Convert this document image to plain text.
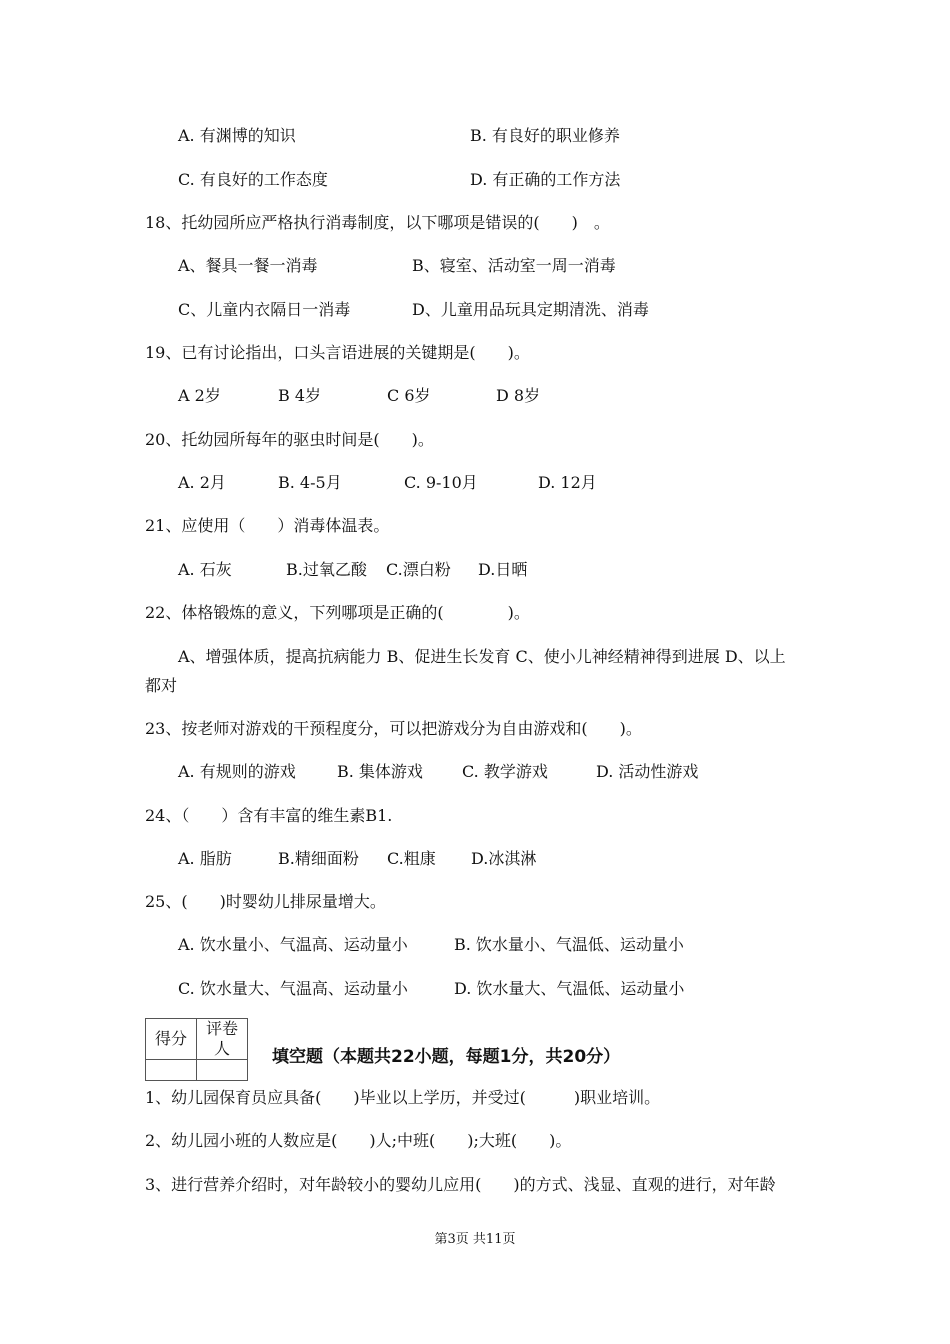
A. 有渊博的知识	B. 有良好的职业修养
C. 有良好的工作态度	D. 有正确的工作方法
18、托幼园所应严格执行消毒制度，以下哪项是错误的(　　)　。
A、餐具一餐一消毒	B、寝室、活动室一周一消毒
C、儿童内衣隔日一消毒	D、儿童用品玩具定期清洗、消毒
19、已有讨论指出，口头言语进展的关键期是(　　)。
A 2岁	B 4岁	C 6岁	D 8岁
20、托幼园所每年的驱虫时间是(　　)。
A. 2月	B. 4-5月	C. 9-10月	D. 12月
21、应使用（　　）消毒体温表。
A. 石灰	B.过氧乙酸 C.漂白粉 D.日晒
22、体格锻炼的意义，下列哪项是正确的(　　　　)。
A、增强体质，提高抗病能力 B、促进生长发育 C、使小儿神经精神得到进展 D、以上
都对
23、按老师对游戏的干预程度分，可以把游戏分为自由游戏和(　　)。
A. 有规则的游戏	B. 集体游戏 C. 教学游戏	D. 活动性游戏
24、（　　）含有丰富的维生素B1.
A. 脂肪	B.精细面粉 C.粗康 D.冰淇淋
25、(　　)时婴幼儿排尿量增大。
A. 饮水量小、气温高、运动量小	B. 饮水量小、气温低、运动量小
C. 饮水量大、气温高、运动量小	D. 饮水量大、气温低、运动量小
得分	评卷人
	填空题（本题共22小题，每题1分，共20分）
1、幼儿园保育员应具备(　　)毕业以上学历，并受过(　　　)职业培训。
2、幼儿园小班的人数应是(　　)人;中班(　　);大班(　　)。
3、进行营养介绍时，对年龄较小的婴幼儿应用(　　)的方式、浅显、直观的进行，对年龄
第3页 共11页
